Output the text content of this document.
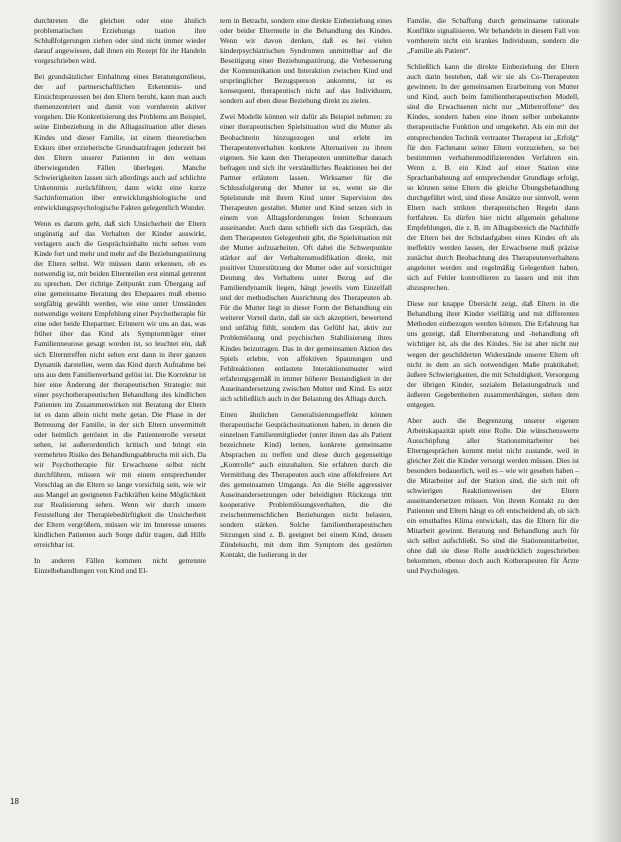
durchtreten die gleichen oder eine ähnlich problematischen Erziehungs tuation ihre Schlußfolgerungen ziehen oder sind nicht immer wieder darauf angewiesen, daß ihnen ein Rezept für ihr Handeln vorgeschrieben wird.

Bei grundsätzlicher Einhaltung eines Beratungsmilieus, der auf partnerschaftlichen Erkenntnis- und Einsichtsprozessen bei den Eltern beruht, kann man auch themenzentriert und damit von vornherein aktiver vorgehen. Die Konkretisierung des Problems am Beispiel, seine Einbeziehung in die Alltagssituation aller dieses Kindes und dieser Familie, ist einem theoretischen Exkurs über erzieherische Grundsatzfragen jederzeit bei den Eltern unserer Patienten in den weitaus überwiegenden Fällen überlegen. Manche Schwierigkeiten lassen sich allerdings auch auf schlichte Unkenntnis zurückführen; dann wirkt eine kurze Sachinformation über entwicklungsbiologische und entwicklungspsychologische Fakten gelegentlich Wunder.

Wenn es darum geht, daß sich Unsicherheit der Eltern ungünstig auf das Verhalten der Kinder auswirkt, verlagern auch die Gesprächsinhalte nicht selten vom Kinde fort und mehr und mehr auf die Beziehungsstörung der Eltern selbst. Wir müssen dann erkennen, ob es notwendig ist, mit beiden Elternteilen erst einmal getrennt zu sprechen. Der richtige Zeitpunkt zum Übergang auf eine gemeinsame Beratung des Ehepaares muß ebenso sorgfältig gewählt werden, wie eine unter Umständen notwendige weitere Empfehlung einer Psychotherapie für eine oder beide Ehepartner. Erinnern wir uns an das, was früher über das Kind als Symptomträger einer Familienneurose gesagt worden ist, so leuchtet ein, daß sich Elterntreffen nicht selten erst dann in ihrer ganzen Dynamik darstellen, wenn das Kind durch Aufnahme bei uns aus dem Familienverband gelöst ist. Die Korrektur ist hier eine Änderung der therapeutischen Strategie: mit einer psychotherapeutischen Behandlung des kindlichen Patienten im Zusammenwirken mit Beratung der Eltern ist es dann allein nicht mehr getan. Die Phase in der Betreuung der Familie, in der sich Eltern unvermittelt oder heimlich getröstet in die Patientenrolle versetzt sehen, ist außerordentlich kritisch und bringt ein vermehrtes Risiko des Behandlungsabbruchs mit sich. Da wir Psychotherapie für Erwachsene selbst nicht durchführen, müssen wir mit einem entsprechender Vorschlag an die Eltern so lange vorsichtig sein, wie wir aus Mangel an geeigneten Fachkräften keine Möglichkeit zur Realisierung sehen. Wenn wir durch unsere Feststellung der Therapiebedürftigkeit die Unsicherheit der Eltern vergrößern, müssen wir im Interesse unseres kindlichen Patienten auch Sorge dafür tragen, daß Hilfe erreichbar ist.

In anderen Fällen kommen nicht getrennte Einzelbehandlungen von Kind und El-

tern in Betracht, sondern eine direkte Einbeziehung eines oder beider Elternteile in die Behandlung des Kindes. Wenn wir davon denken, daß es bei vielen kinderpsychiatrischen Syndromen unmittelbar auf die Beseitigung einer Beziehungsstörung, die Verbesserung der Kommunikation und Interaktion zwischen Kind und ursprünglicher Bezugsperson ankommt, ist es konsequent, therapeutisch nicht auf das Individuum, sondern auf eben diese Beziehung direkt zu zielen.

Zwei Modelle können wir dafür als Beispiel nehmen: zu einer therapeutischen Spielsituation wird die Mutter als Beobachterin hinzugezogen und erlebt im Therapeutenverhalten konkrete Alternativen zu ihrem eigenen. Sie kann den Therapeuten unmittelbar danach befragen und sich ihr verständliches Reaktionen bei der Partner erläutern lassen. Wirksamer für die Schlussfolgerung der Mutter ist es, wenn sie die Spielstunde mit ihrem Kind unter Supervision des Therapeuten gestaltet. Mutter und Kind setzen sich in einem von Alltagsforderungen freien Schonraum auseinander. Auch dann schließt sich das Gespräch, das dem Therapeuten Gelegenheit gibt, die Spielsituation mit der Mutter aufzuarbeiten. Oft dabei die Schwerpunkte stärker auf der Verhaltensmodifikation direkt, mit positiver Unterstützung der Mutter oder auf vorsichtiger Deutung des Verhaltens unter Bezug auf die Familiendynamik liegen, hängt jeweils vom Einzelfall und der methodischen Ausrichtung des Therapeuten ab. Für die Mutter liegt in dieser Form der Behandlung ein weiterer Vorteil darin, daß sie sich akzeptiert, bewertend und unfähig fühlt, sondern das Gefühl hat, aktiv zur Problemlösung und psychischen Stabilisierung ihres Kindes beizutragen. Das in der gemeinsamen Aktion des Spiels erlebte, von affektiven Spannungen und Fehlreaktionen entlastete Interaktionsmuster wird erfahrungsgemäß in immer höherer Bestandigkeit in der Auseinandersetzung zwischen Mutter und Kind. Es setzt sich schließlich auch in der Belastung des Alltags durch.

Einen ähnlichen Generalisierungseffekt können therapeutische Gesprächssituationen haben, in denen die einzelnen Familienmitglieder (unter ihnen das als Patient bezeichnete Kind) lernen, konkrete gemeinsame Absprachen zu treffen und diese durch gegenseitige „Kontrolle“ auch einzuhalten. Sie erfahren durch die Vermittlung des Therapeuten auch eine affektfreiere Art des gemeinsamen Umgangs. An die Stelle aggressiver Auseinandersetzungen oder beleidigten Rückzugs tritt kooperative Problemlösungsverhalten, die die zwischenmenschlichen Beziehungen nicht belasten, sondern stärken. Solche familientherapeutischen Sitzungen sind z. B. geeignet bei einem Kind, dessen Zündelsucht, mit dem ihm Symptom des gestörten Kontakt, die Isolierung in der

Familie, die Schaffung durch gemeinsame rationale Konflikte signalisieren. Wir behandeln in diesem Fall von vornherein nicht ein krankes Individuum, sondern die „Familie als Patient“.

Schließlich kann die direkte Einbeziehung der Eltern auch darin bestehen, daß wir sie als Co-Therapeuten gewinnen. In der gemeinsamen Erarbeitung von Mutter und Kind, auch beim familientherapeutischen Modell, sind die Erwachsenen nicht nur „Mitbetroffene“ des Kindes, sondern haben eine ihnen selber unbekannte therapeutische Funktion und umgekehrt. Als ein mit der entsprechenden Technik vertrauter Therapeut ist „Erfolg“ für den Fachmann seiner Eltern vorzuziehen, so bei bestimmten verhaltenmodifizierenden Verfahren ein. Wenn z. B. ein Kind auf einer Station eine Sprachanbahnung auf entsprechender Grundlage erfolgt, so können seine Eltern die gleiche Übungsbehandlung durchgeführt wird, sind diese Ansätze nur sinnvoll, wenn Eltern nach strikten therapeutischen Regeln dann fortfahren. Es dürfen hier nicht allgemein gehaltene Empfehlungen, die z. B. im Alltagsbereich die Nachhilfe der Eltern bei der Schulaufgaben eines Kindes oft als ineffektiv werden lassen, der Erwachsene muß präzise zunächst durch Beobachtung des Therapeutenverhaltens angeleitet werden und regelmäßig Gelegenheit haben, sich auf Fehler kontrollieren zu lassen und mit ihm abzusprechen.

Diese nur knappe Übersicht zeigt, daß Eltern in die Behandlung ihrer Kinder vielfältig und mit differenten Methoden einbezogen werden können. Die Erfahrung hat uns gezeigt, daß Elternberatung und -behandlung oft wichtiger ist, als die des Kindes. Sie ist aber nicht nur wegen der geschilderten Widerstände unserer Eltern oft nicht in dem an sich notwendigen Maße praktikabel; äußere Schwierigkeiten, die mit Schuldigkeit, Versorgung der übrigen Kinder, sozialem Belastungsdruck und äußeren Gegebenheiten zusammenhängen, stehen dem entgegen.

Aber auch die Begrenzung unserer eigenen Arbeitskapazität spielt eine Rolle. Die wünschenswerte Ausschöpfung aller Stationsmitarbeiter bei Elterngesprächen kommt meist nicht zustande, weil in gleicher Zeit die Kinder versorgt werden müssen. Dies ist besonders bedauerlich, weil es – wie wir gesehen haben – die Mitarbeiter auf der Station sind, die sich mit oft schwierigen Reaktionsweisen der Eltern auseinandersetzen müssen. Von ihrem Kontakt zu den Patienten und Eltern hängt es oft entscheidend ab, ob sich ein ernsthaftes Klima entwickelt, das die Eltern für die Mitarbeit gewinnt. Beratung und Behandlung auch für sich selbst aufschließt. So sind die Stationsmitarbeiter, ohne daß sie diese Rolle ausdrücklich zugeschrieben bekommen, ebenso doch auch Kotherapeuten für Ärzte und Psychologen.

18
